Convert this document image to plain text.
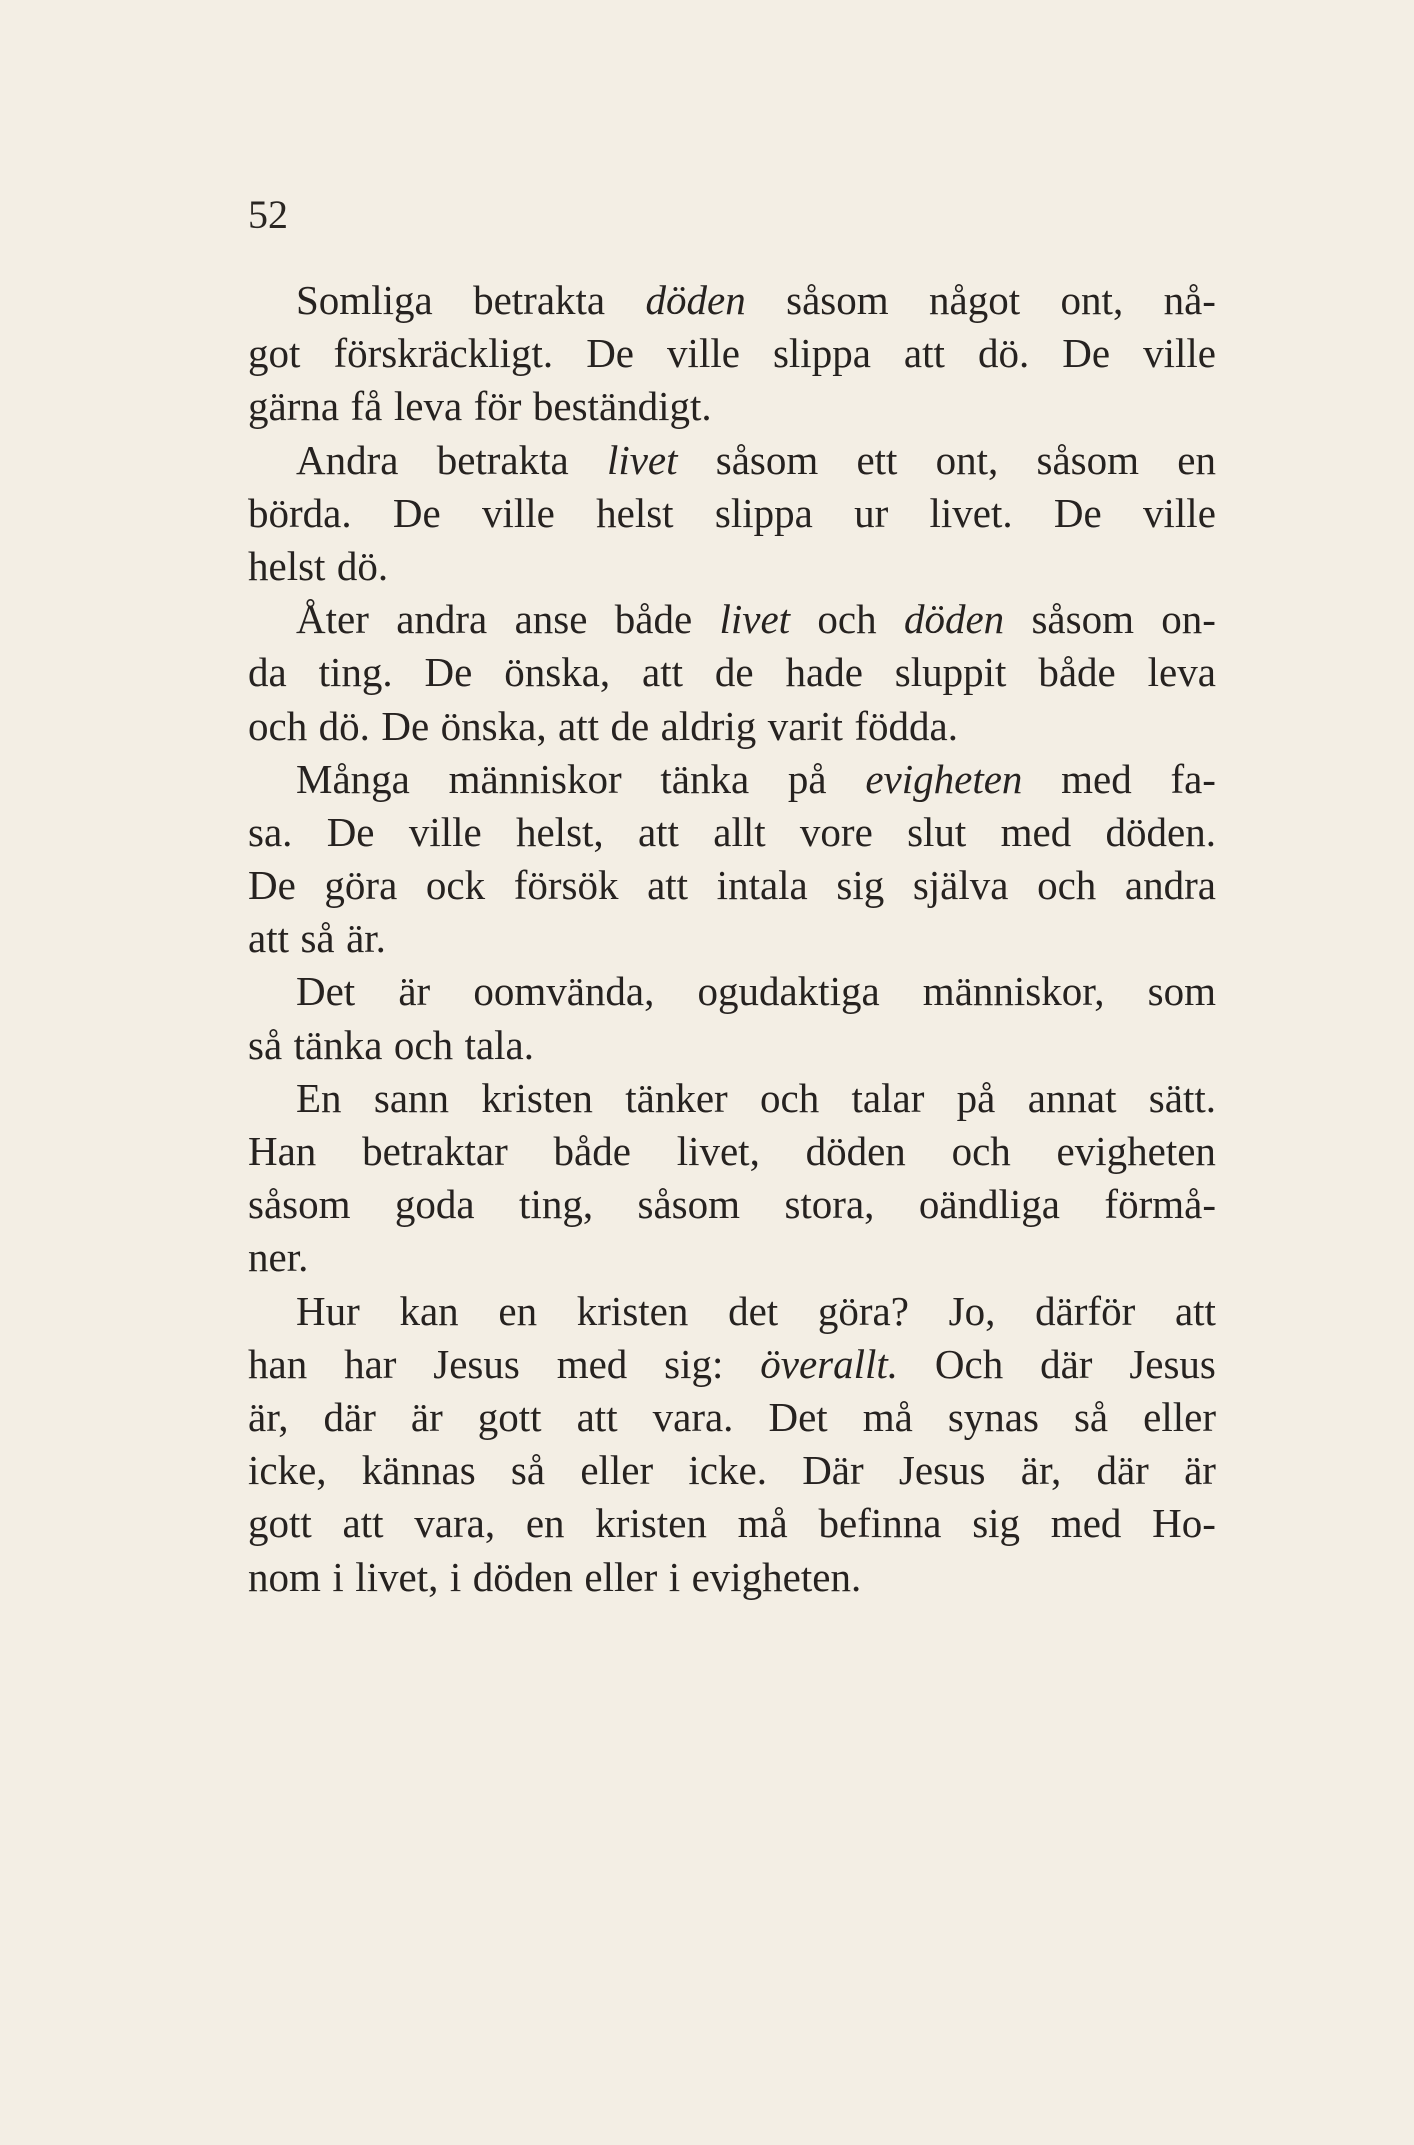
52
Somliga betrakta döden såsom något ont, nå-
got förskräckligt. De ville slippa att dö. De ville
gärna få leva för beständigt.
Andra betrakta livet såsom ett ont, såsom en
börda. De ville helst slippa ur livet. De ville
helst dö.
Åter andra anse både livet och döden såsom on-
da ting. De önska, att de hade sluppit både leva
och dö. De önska, att de aldrig varit födda.
Många människor tänka på evigheten med fa-
sa. De ville helst, att allt vore slut med döden.
De göra ock försök att intala sig själva och andra
att så är.
Det är oomvända, ogudaktiga människor, som
så tänka och tala.
En sann kristen tänker och talar på annat sätt.
Han betraktar både livet, döden och evigheten
såsom goda ting, såsom stora, oändliga förmå-
ner.
Hur kan en kristen det göra? Jo, därför att
han har Jesus med sig: överallt. Och där Jesus
är, där är gott att vara. Det må synas så eller
icke, kännas så eller icke. Där Jesus är, där är
gott att vara, en kristen må befinna sig med Ho-
nom i livet, i döden eller i evigheten.
